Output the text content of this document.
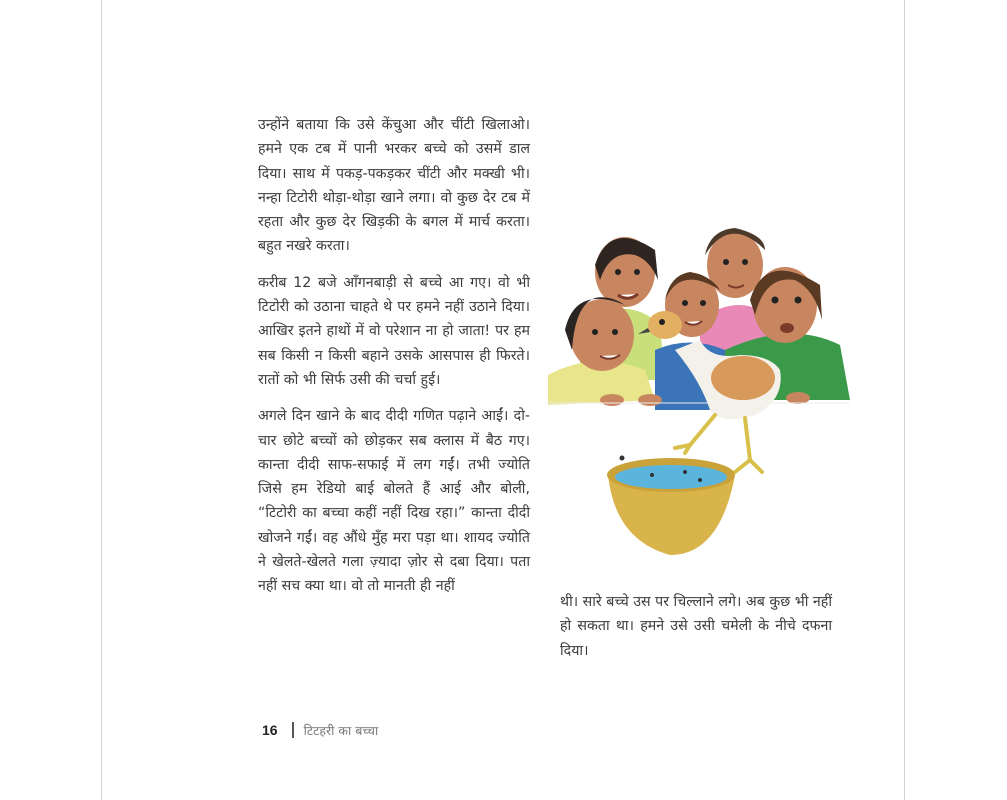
उन्होंने बताया कि उसे केंचुआ और चींटी खिलाओ। हमने एक टब में पानी भरकर बच्चे को उसमें डाल दिया। साथ में पकड़-पकड़कर चींटी और मक्खी भी। नन्हा टिटोरी थोड़ा-थोड़ा खाने लगा। वो कुछ देर टब में रहता और कुछ देर खिड़की के बगल में मार्च करता। बहुत नखरे करता।

करीब 12 बजे आँगनबाड़ी से बच्चे आ गए। वो भी टिटोरी को उठाना चाहते थे पर हमने नहीं उठाने दिया। आखिर इतने हाथों में वो परेशान ना हो जाता! पर हम सब किसी न किसी बहाने उसके आसपास ही फिरते। रातों को भी सिर्फ उसी की चर्चा हुई।

अगले दिन खाने के बाद दीदी गणित पढ़ाने आईं। दो-चार छोटे बच्चों को छोड़कर सब क्लास में बैठ गए। कान्ता दीदी साफ-सफाई में लग गईं। तभी ज्योति जिसे हम रेडियो बाई बोलते हैं आई और बोली, “टिटोरी का बच्चा कहीं नहीं दिख रहा।” कान्ता दीदी खोजने गईं। वह औंधे मुँह मरा पड़ा था। शायद ज्योति ने खेलते-खेलते गला ज़्यादा ज़ोर से दबा दिया। पता नहीं सच क्या था। वो तो मानती ही नहीं

थी। सारे बच्चे उस पर चिल्लाने लगे। अब कुछ भी नहीं हो सकता था। हमने उसे उसी चमेली के नीचे दफना दिया।

16 टिटहरी का बच्चा
